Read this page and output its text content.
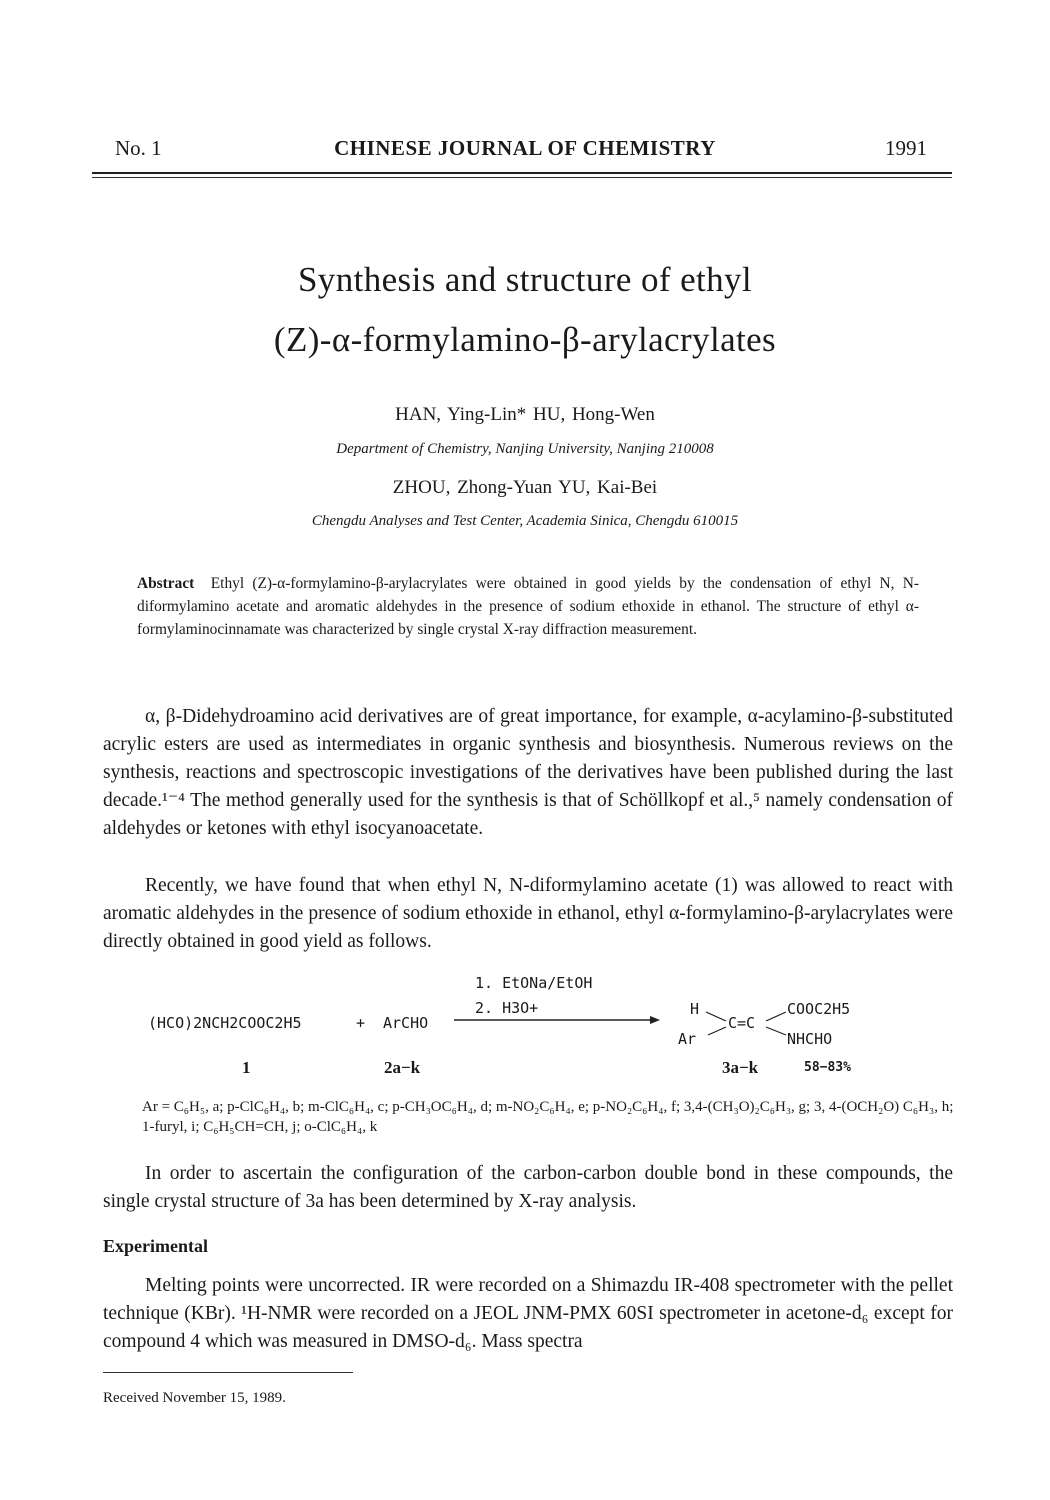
No. 1	CHINESE JOURNAL OF CHEMISTRY	1991
Synthesis and structure of ethyl
(Z)-α-formylamino-β-arylacrylates
HAN, Ying-Lin* HU, Hong-Wen
Department of Chemistry, Nanjing University, Nanjing 210008
ZHOU, Zhong-Yuan YU, Kai-Bei
Chengdu Analyses and Test Center, Academia Sinica, Chengdu 610015
Abstract Ethyl (Z)-α-formylamino-β-arylacrylates were obtained in good yields by the condensation of ethyl N, N-diformylamino acetate and aromatic aldehydes in the presence of sodium ethoxide in ethanol. The structure of ethyl α-formylaminocinnamate was characterized by single crystal X-ray diffraction measurement.
α, β-Didehydroamino acid derivatives are of great importance, for example, α-acylamino-β-substituted acrylic esters are used as intermediates in organic synthesis and biosynthesis. Numerous reviews on the synthesis, reactions and spectroscopic investigations of the derivatives have been published during the last decade.¹⁻⁴ The method generally used for the synthesis is that of Schöllkopf et al.,⁵ namely condensation of aldehydes or ketones with ethyl isocyanoacetate.
Recently, we have found that when ethyl N, N-diformylamino acetate (1) was allowed to react with aromatic aldehydes in the presence of sodium ethoxide in ethanol, ethyl α-formylamino-β-arylacrylates were directly obtained in good yield as follows.
(HCO)2NCH2COOC2H5	+ ArCHO
1. EtONa/EtOH
2. H3O+	H
Ar
C=C
COOC2H5
NHCHO
1	2a−k	3a−k	58−83%
Ar = C₆H₅, a; p-ClC₆H₄, b; m-ClC₆H₄, c; p-CH₃OC₆H₄, d; m-NO₂C₆H₄, e; p-NO₂C₆H₄, f; 3,4-(CH₃O)₂C₆H₃, g; 3, 4-(OCH₂O) C₆H₃, h; 1-furyl, i; C₆H₅CH=CH, j; o-ClC₆H₄, k
In order to ascertain the configuration of the carbon-carbon double bond in these compounds, the single crystal structure of 3a has been determined by X-ray analysis.
Experimental
Melting points were uncorrected. IR were recorded on a Shimazdu IR-408 spectrometer with the pellet technique (KBr). ¹H-NMR were recorded on a JEOL JNM-PMX 60SI spectrometer in acetone-d₆ except for compound 4 which was measured in DMSO-d₆. Mass spectra
Received November 15, 1989.
